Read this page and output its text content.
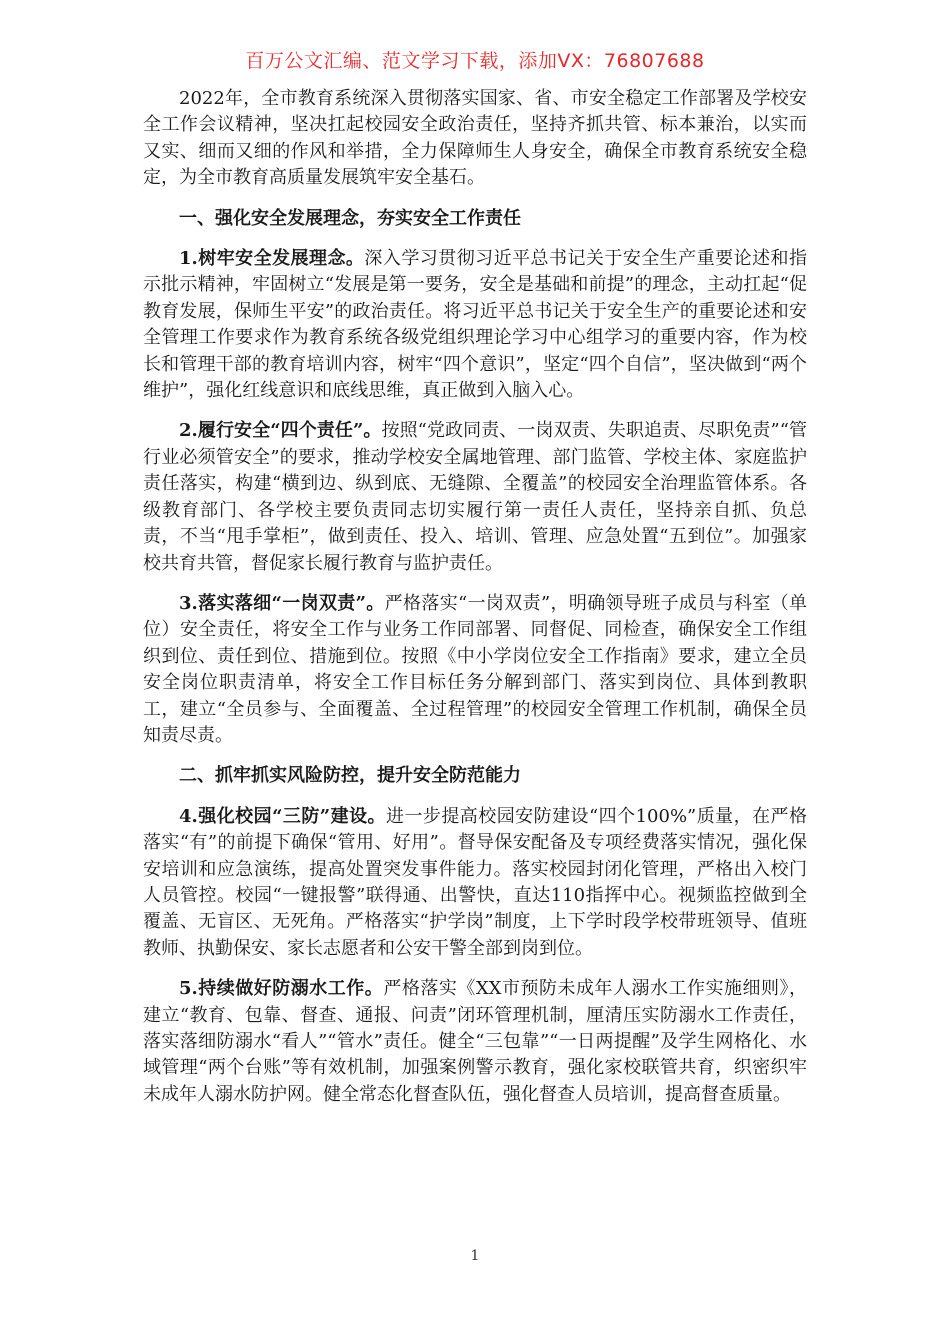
百万公文汇编、范文学习下载，添加VX：76807688

2022年，全市教育系统深入贯彻落实国家、省、市安全稳定工作部署及学校安全工作会议精神，坚决扛起校园安全政治责任，坚持齐抓共管、标本兼治，以实而又实、细而又细的作风和举措，全力保障师生人身安全，确保全市教育系统安全稳定，为全市教育高质量发展筑牢安全基石。

一、强化安全发展理念，夯实安全工作责任

1.树牢安全发展理念。深入学习贯彻习近平总书记关于安全生产重要论述和指示批示精神，牢固树立“发展是第一要务，安全是基础和前提”的理念，主动扛起“促教育发展，保师生平安”的政治责任。将习近平总书记关于安全生产的重要论述和安全管理工作要求作为教育系统各级党组织理论学习中心组学习的重要内容，作为校长和管理干部的教育培训内容，树牢“四个意识”，坚定“四个自信”，坚决做到“两个维护”，强化红线意识和底线思维，真正做到入脑入心。

2.履行安全“四个责任”。按照“党政同责、一岗双责、失职追责、尽职免责”“管行业必须管安全”的要求，推动学校安全属地管理、部门监管、学校主体、家庭监护责任落实，构建“横到边、纵到底、无缝隙、全覆盖”的校园安全治理监管体系。各级教育部门、各学校主要负责同志切实履行第一责任人责任，坚持亲自抓、负总责，不当“甩手掌柜”，做到责任、投入、培训、管理、应急处置“五到位”。加强家校共育共管，督促家长履行教育与监护责任。

3.落实落细“一岗双责”。严格落实“一岗双责”，明确领导班子成员与科室（单位）安全责任，将安全工作与业务工作同部署、同督促、同检查，确保安全工作组织到位、责任到位、措施到位。按照《中小学岗位安全工作指南》要求，建立全员安全岗位职责清单，将安全工作目标任务分解到部门、落实到岗位、具体到教职工，建立“全员参与、全面覆盖、全过程管理”的校园安全管理工作机制，确保全员知责尽责。

二、抓牢抓实风险防控，提升安全防范能力

4.强化校园“三防”建设。进一步提高校园安防建设“四个100%”质量，在严格落实“有”的前提下确保“管用、好用”。督导保安配备及专项经费落实情况，强化保安培训和应急演练，提高处置突发事件能力。落实校园封闭化管理，严格出入校门人员管控。校园“一键报警”联得通、出警快，直达110指挥中心。视频监控做到全覆盖、无盲区、无死角。严格落实“护学岗”制度，上下学时段学校带班领导、值班教师、执勤保安、家长志愿者和公安干警全部到岗到位。

5.持续做好防溺水工作。严格落实《XX市预防未成年人溺水工作实施细则》，建立“教育、包靠、督查、通报、问责”闭环管理机制，厘清压实防溺水工作责任，落实落细防溺水“看人”“管水”责任。健全“三包靠”“一日两提醒”及学生网格化、水域管理“两个台账”等有效机制，加强案例警示教育，强化家校联管共育，织密织牢未成年人溺水防护网。健全常态化督查队伍，强化督查人员培训，提高督查质量。

1
